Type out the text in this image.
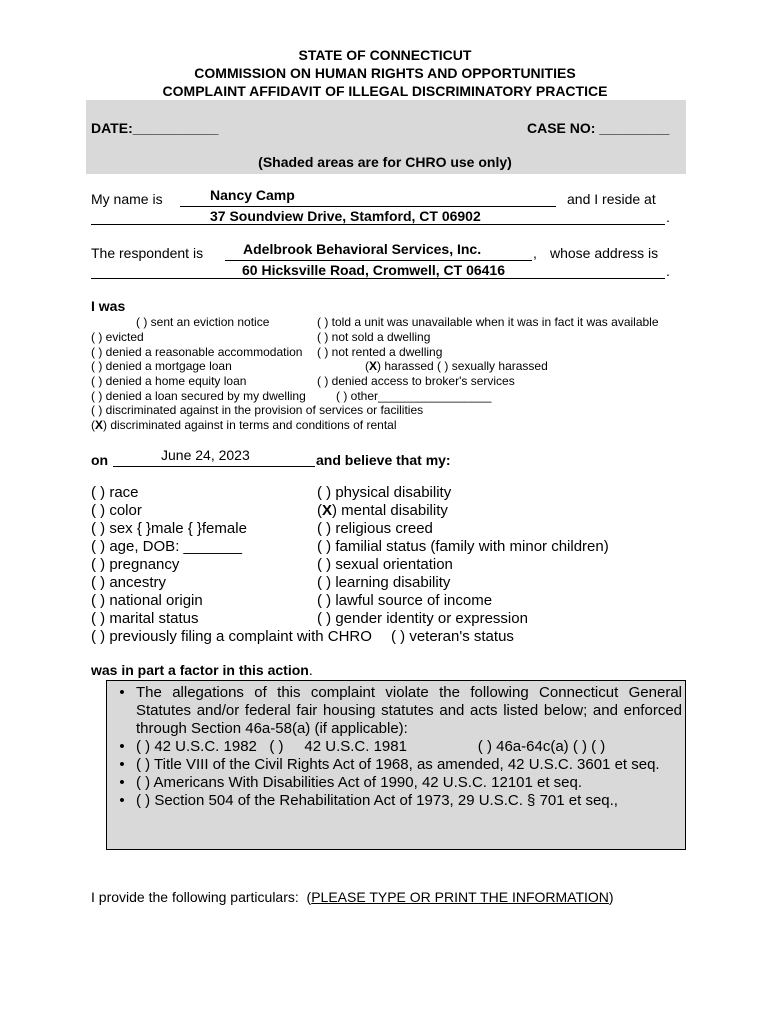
STATE OF CONNECTICUT
COMMISSION ON HUMAN RIGHTS AND OPPORTUNITIES
COMPLAINT AFFIDAVIT OF ILLEGAL DISCRIMINATORY PRACTICE
DATE:___________	CASE NO: _________
(Shaded areas are for CHRO use only)
My name is	Nancy Camp	and I reside at
37 Soundview Drive, Stamford, CT 06902	.
The respondent is	Adelbrook Behavioral Services, Inc.	, whose address is
60 Hicksville Road, Cromwell, CT 06416	.
I was
( ) sent an eviction notice
( ) evicted
( ) denied a reasonable accommodation
( ) denied a mortgage loan
( ) denied a home equity loan
( ) denied a loan secured by my dwelling
( ) discriminated against in the provision of services or facilities
(X) discriminated against in terms and conditions of rental
( ) told a unit was unavailable when it was in fact it was available
( ) not sold a dwelling
( ) not rented a dwelling
(X) harassed ( ) sexually harassed
( ) denied access to broker's services
( ) other_________________
on	June 24, 2023	and believe that my:
( ) race
( ) color
( ) sex { }male { }female
( ) age, DOB: _______
( ) pregnancy
( ) ancestry
( ) national origin
( ) marital status
( ) previously filing a complaint with CHRO
( ) physical disability
(X) mental disability
( ) religious creed
( ) familial status (family with minor children)
( ) sexual orientation
( ) learning disability
( ) lawful source of income
( ) gender identity or expression
( ) veteran's status
was in part a factor in this action.
• The allegations of this complaint violate the following Connecticut General Statutes and/or federal fair housing statutes and acts listed below; and enforced through Section 46a-58(a) (if applicable):
• ( ) 42 U.S.C. 1982   ( )     42 U.S.C. 1981                 ( ) 46a-64c(a) ( ) ( )
• ( ) Title VIII of the Civil Rights Act of 1968, as amended, 42 U.S.C. 3601 et seq.
• ( ) Americans With Disabilities Act of 1990, 42 U.S.C. 12101 et seq.
• ( ) Section 504 of the Rehabilitation Act of 1973, 29 U.S.C. § 701 et seq.,
I provide the following particulars:  (PLEASE TYPE OR PRINT THE INFORMATION)
